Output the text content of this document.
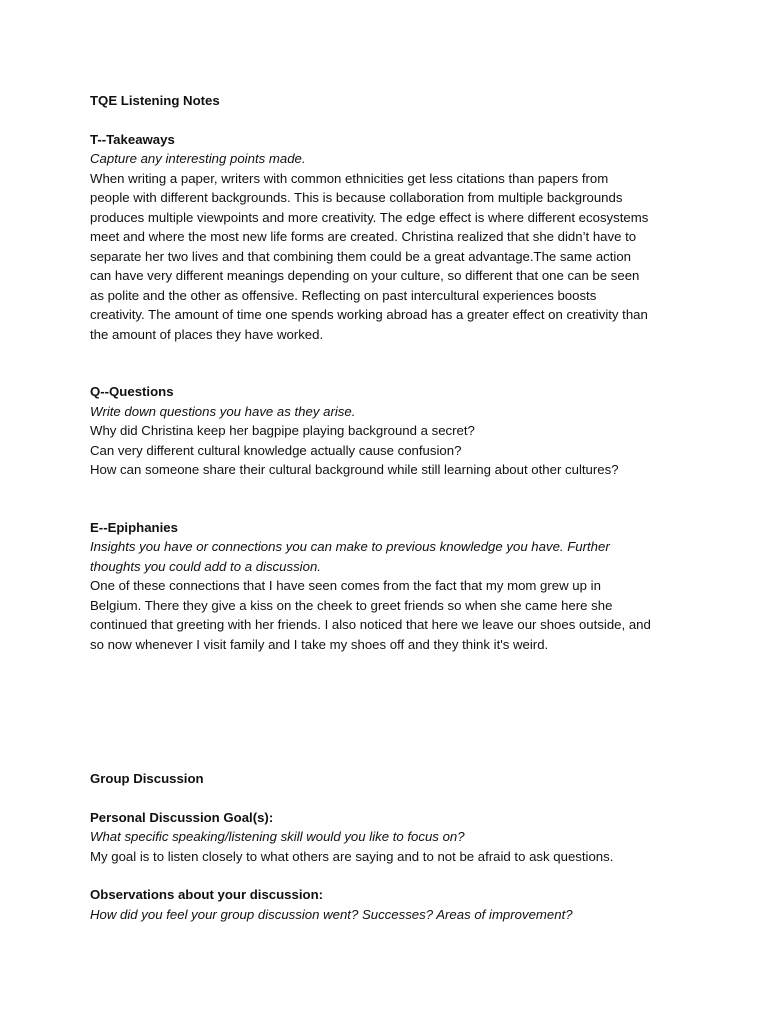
TQE Listening Notes

T--Takeaways

Capture any interesting points made.

When writing a paper, writers with common ethnicities get less citations than papers from

people with different backgrounds. This is because collaboration from multiple backgrounds

produces multiple viewpoints and more creativity. The edge effect is where different ecosystems

meet and where the most new life forms are created. Christina realized that she didn’t have to

separate her two lives and that combining them could be a great advantage.The same action

can have very different meanings depending on your culture, so different that one can be seen

as polite and the other as offensive. Reflecting on past intercultural experiences boosts

creativity. The amount of time one spends working abroad has a greater effect on creativity than

the amount of places they have worked.

Q--Questions

Write down questions you have as they arise.

Why did Christina keep her bagpipe playing background a secret?

Can very different cultural knowledge actually cause confusion?

How can someone share their cultural background while still learning about other cultures?

E--Epiphanies

Insights you have or connections you can make to previous knowledge you have. Further

thoughts you could add to a discussion.

One of these connections that I have seen comes from the fact that my mom grew up in

Belgium. There they give a kiss on the cheek to greet friends so when she came here she

continued that greeting with her friends. I also noticed that here we leave our shoes outside, and

so now whenever I visit family and I take my shoes off and they think it's weird.

Group Discussion

Personal Discussion Goal(s):

What specific speaking/listening skill would you like to focus on?

My goal is to listen closely to what others are saying and to not be afraid to ask questions.

Observations about your discussion:

How did you feel your group discussion went? Successes? Areas of improvement?
